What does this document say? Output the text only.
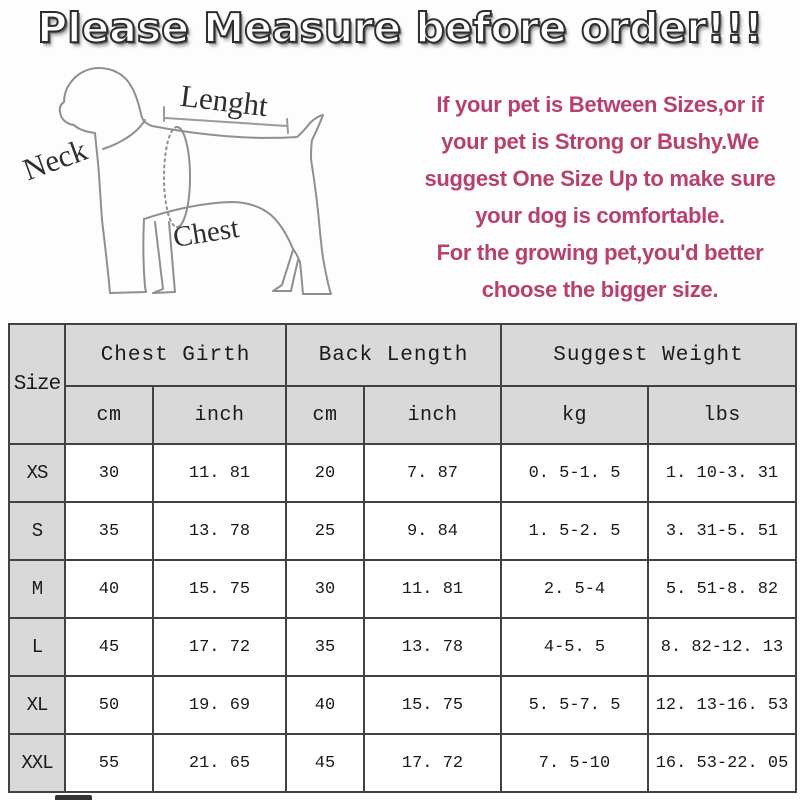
Please Measure before order!!!
Neck
Lenght
Chest
If your pet is Between Sizes,or if
your pet is Strong or Bushy.We
suggest One Size Up to make sure
your dog is comfortable.
For the growing pet,you'd better
choose the bigger size.
Size	Chest Girth		Back Length		Suggest Weight	
	cm	inch	cm	inch	kg	lbs
XS	30	11. 81	20	7. 87	0. 5-1. 5	1. 10-3. 31
S	35	13. 78	25	9. 84	1. 5-2. 5	3. 31-5. 51
M	40	15. 75	30	11. 81	2. 5-4	5. 51-8. 82
L	45	17. 72	35	13. 78	4-5. 5	8. 82-12. 13
XL	50	19. 69	40	15. 75	5. 5-7. 5	12. 13-16. 53
XXL	55	21. 65	45	17. 72	7. 5-10	16. 53-22. 05
